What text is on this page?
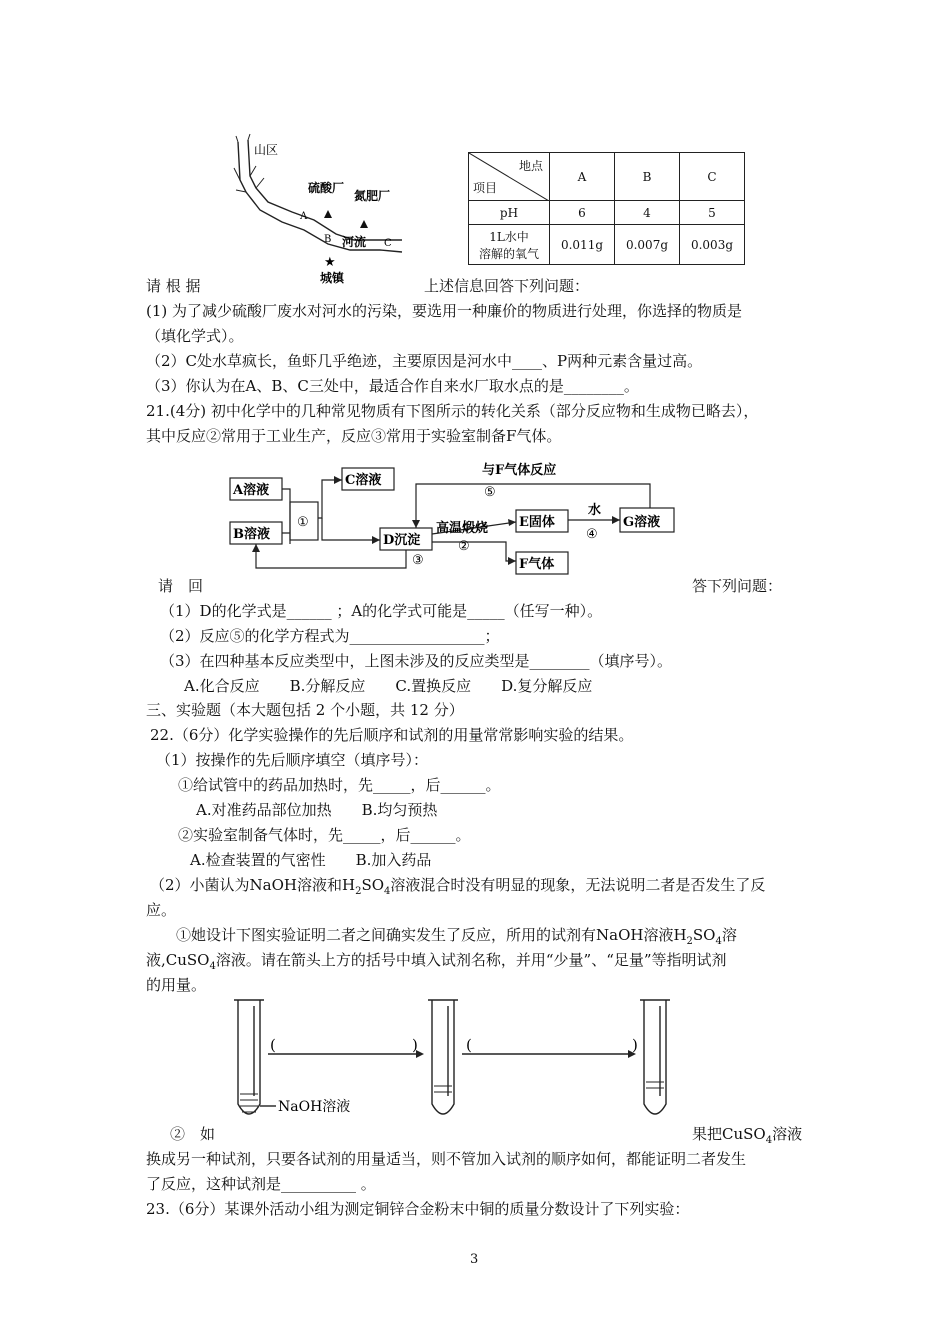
山区
硫酸厂
氮肥厂
A
B 河流 C
★
城镇
地点
项目	A	B	C
pH	6	4	5

1L水中
溶解的氧气	0.011g	0.007g	0.003g
请 根 据	上述信息回答下列问题：
(1) 为了减少硫酸厂废水对河水的污染，要选用一种廉价的物质进行处理，你选择的物质是
（填化学式）。
（2）C处水草疯长，鱼虾几乎绝迹，主要原因是河水中____、P两种元素含量过高。
（3）你认为在A、B、C三处中，最适合作自来水厂取水点的是________。
21.(4分) 初中化学中的几种常见物质有下图所示的转化关系（部分反应物和生成物已略去），
其中反应②常用于工业生产，反应③常用于实验室制备F气体。
A溶液
B溶液
C溶液
D沉淀
E固体
F气体
G溶液
与F气体反应
高温煅烧
水
①
②
③
④
⑤
请　回	答下列问题：
（1）D的化学式是______ ；A的化学式可能是_____（任写一种）。
（2）反应⑤的化学方程式为__________________；
（3）在四种基本反应类型中，上图未涉及的反应类型是________（填序号）。
A.化合反应　　B.分解反应　　C.置换反应　　D.复分解反应
三、实验题（本大题包括 2 个小题，共 12 分）
22.（6分）化学实验操作的先后顺序和试剂的用量常常影响实验的结果。
（1）按操作的先后顺序填空（填序号）：
①给试管中的药品加热时，先_____，后______。
A.对准药品部位加热　　B.均匀预热
②实验室制备气体时，先_____，后______。
A.检查装置的气密性　　B.加入药品
（2）小菌认为NaOH溶液和$H_2SO_4$溶液混合时没有明显的现象，无法说明二者是否发生了反
应。
①她设计下图实验证明二者之间确实发生了反应，所用的试剂有NaOH溶液$H_2SO_4$溶
液,CuSO$_4$溶液。请在箭头上方的括号中填入试剂名称，并用“少量”、“足量”等指明试剂
的用量。
(	)	(	)
NaOH溶液
②　如	果把CuSO$_4$溶液
换成另一种试剂，只要各试剂的用量适当，则不管加入试剂的顺序如何，都能证明二者发生
了反应，这种试剂是__________ 。
23.（6分）某课外活动小组为测定铜锌合金粉末中铜的质量分数设计了下列实验：
3
